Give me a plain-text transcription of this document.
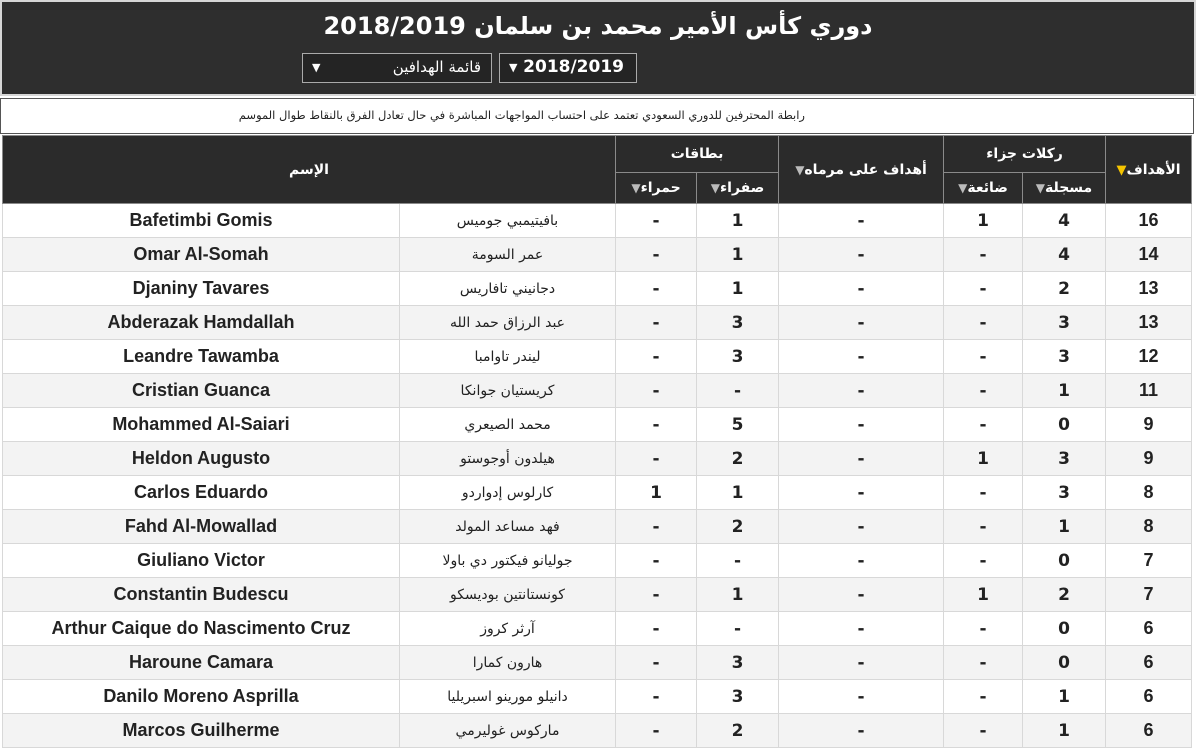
دوري كأس الأمير محمد بن سلمان 2018/2019
▼ 2018/2019
▼	قائمة الهدافين
رابطة المحترفين للدوري السعودي تعتمد على احتساب المواجهات المباشرة في حال تعادل الفرق بالنقاط طوال الموسم
الإسم		بطاقات		▼أهداف على مرماه	ركلات جزاء		▼الأهداف
		▼حمراء	▼صفراء		▼ضائعة	▼مسجلة	
Bafetimbi Gomis	بافيتيمبي جوميس	-	1	-	1	4	16
Omar Al-Somah	عمر السومة	-	1	-	-	4	14
Djaniny Tavares	دجانيني تافاريس	-	1	-	-	2	13
Abderazak Hamdallah	عبد الرزاق حمد الله	-	3	-	-	3	13
Leandre Tawamba	ليندر تاوامبا	-	3	-	-	3	12
Cristian Guanca	كريستيان جوانكا	-	-	-	-	1	11
Mohammed Al-Saiari	محمد الصيعري	-	5	-	-	0	9
Heldon Augusto	هيلدون أوجوستو	-	2	-	1	3	9
Carlos Eduardo	كارلوس إدواردو	1	1	-	-	3	8
Fahd Al-Mowallad	فهد مساعد المولد	-	2	-	-	1	8
Giuliano Victor	جوليانو فيكتور دي باولا	-	-	-	-	0	7
Constantin Budescu	كونستانتين بوديسكو	-	1	-	1	2	7
Arthur Caique do Nascimento Cruz	آرثر كروز	-	-	-	-	0	6
Haroune Camara	هارون كمارا	-	3	-	-	0	6
Danilo Moreno Asprilla	دانيلو مورينو اسبريليا	-	3	-	-	1	6
Marcos Guilherme	ماركوس غوليرمي	-	2	-	-	1	6
